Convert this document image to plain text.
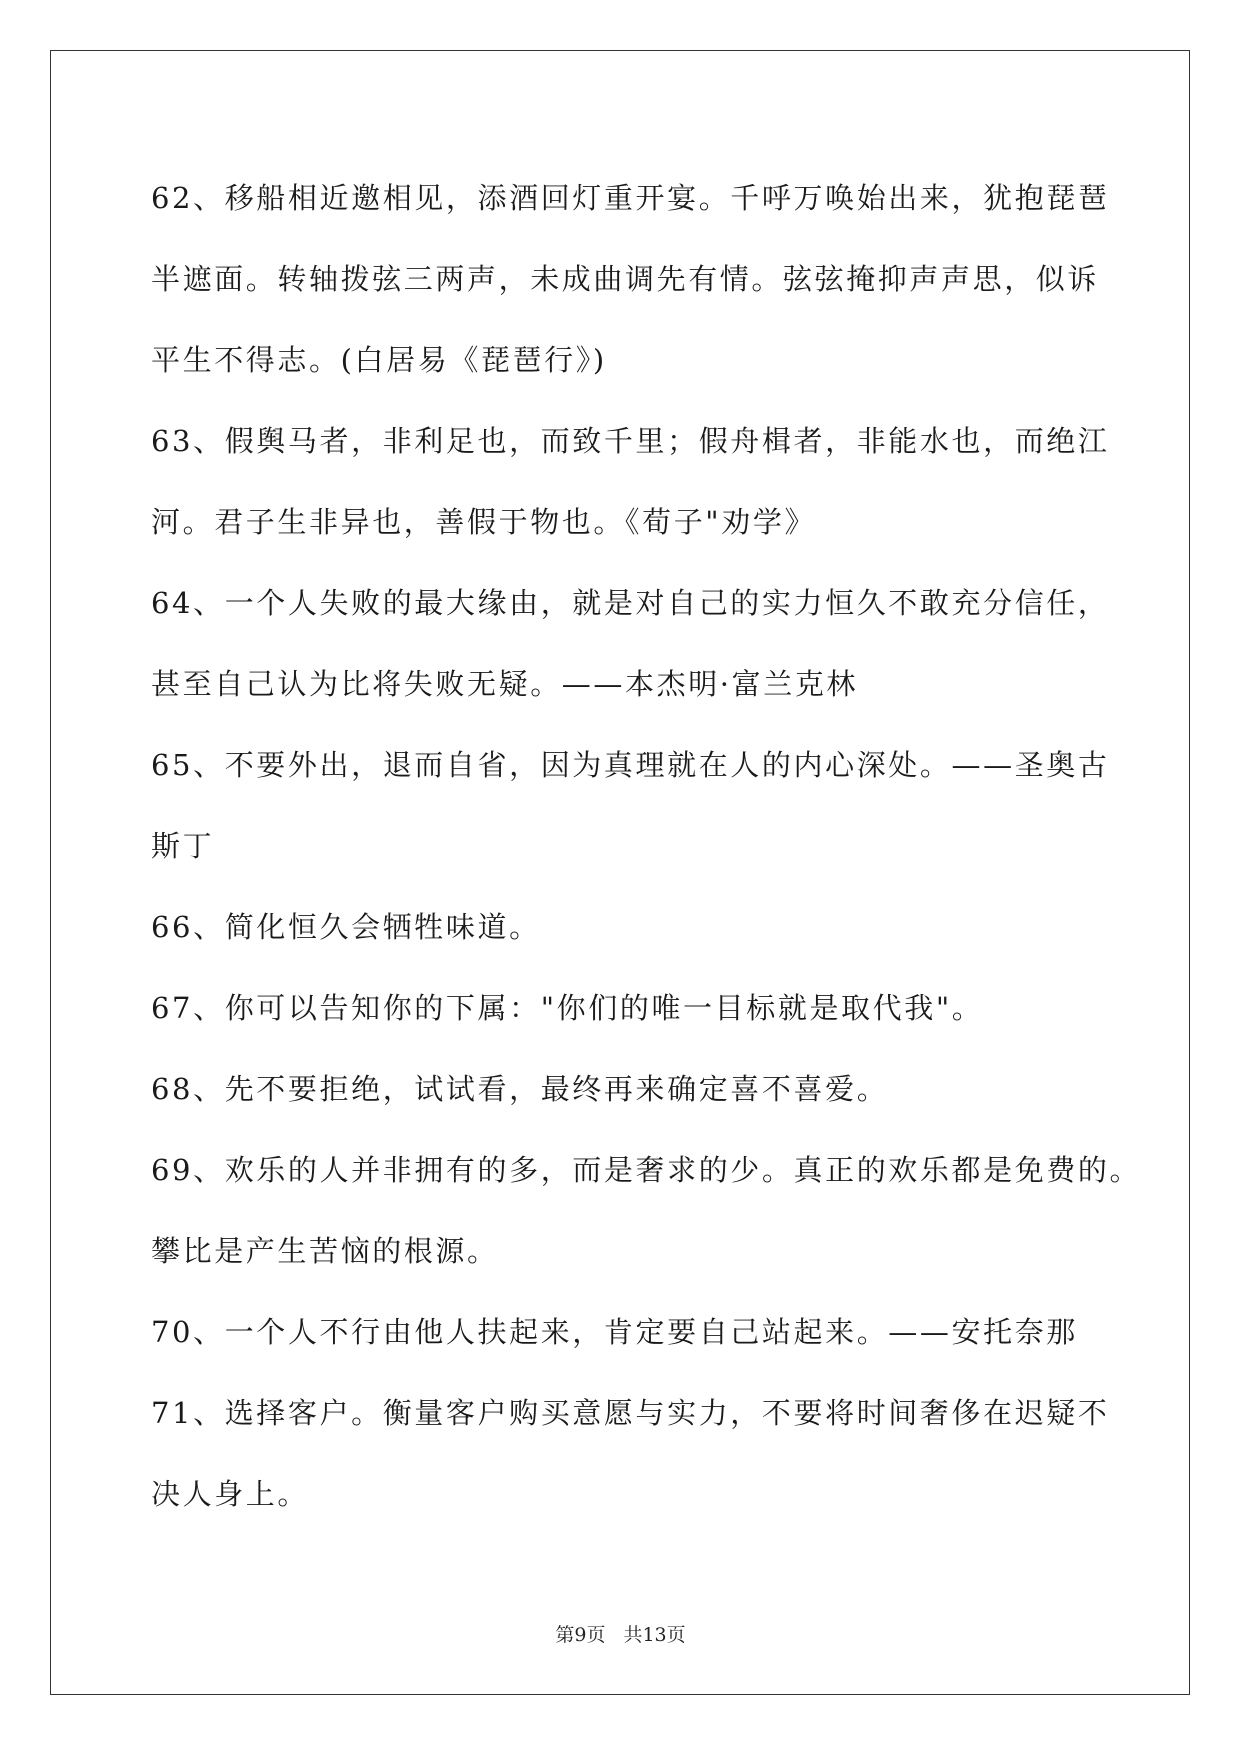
62、移船相近邀相见，添酒回灯重开宴。千呼万唤始出来，犹抱琵琶
半遮面。转轴拨弦三两声，未成曲调先有情。弦弦掩抑声声思，似诉
平生不得志。(白居易《琵琶行》)
63、假舆马者，非利足也，而致千里；假舟楫者，非能水也，而绝江
河。君子生非异也，善假于物也。《荀子"劝学》
64、一个人失败的最大缘由，就是对自己的实力恒久不敢充分信任，
甚至自己认为比将失败无疑。——本杰明·富兰克林
65、不要外出，退而自省，因为真理就在人的内心深处。——圣奥古
斯丁
66、简化恒久会牺牲味道。
67、你可以告知你的下属："你们的唯一目标就是取代我"。
68、先不要拒绝，试试看，最终再来确定喜不喜爱。
69、欢乐的人并非拥有的多，而是奢求的少。真正的欢乐都是免费的。
攀比是产生苦恼的根源。
70、一个人不行由他人扶起来，肯定要自己站起来。——安托奈那
71、选择客户。衡量客户购买意愿与实力，不要将时间奢侈在迟疑不
决人身上。
第9页 共13页
